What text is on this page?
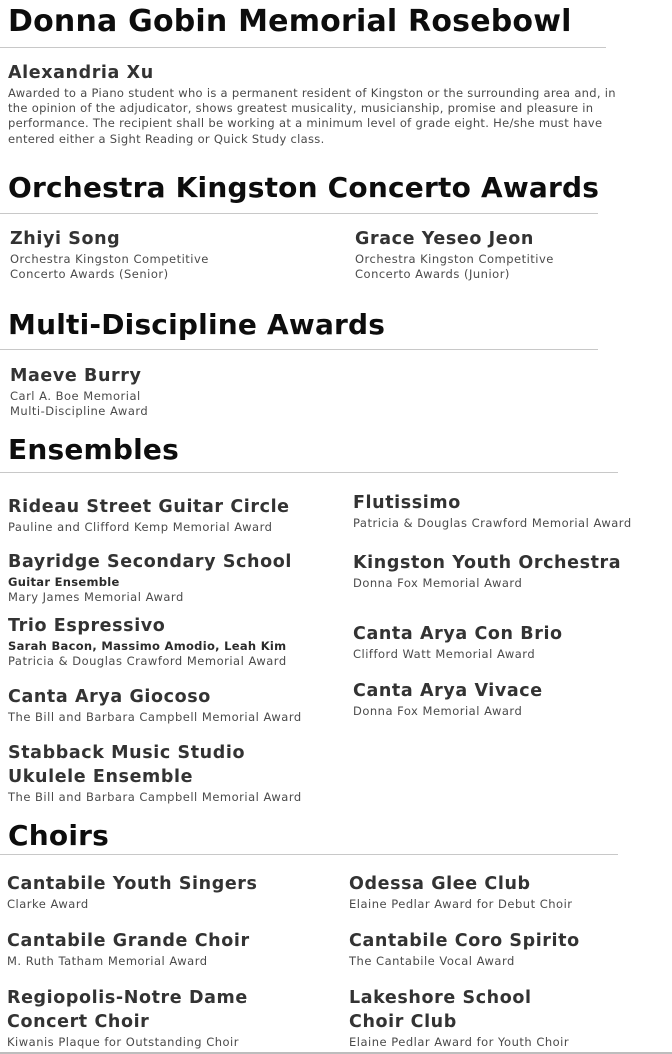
Donna Gobin Memorial Rosebowl
Alexandria Xu
Awarded to a Piano student who is a permanent resident of Kingston or the surrounding area and, in the opinion of the adjudicator, shows greatest musicality, musicianship, promise and pleasure in performance. The recipient shall be working at a minimum level of grade eight. He/she must have entered either a Sight Reading or Quick Study class.
Orchestra Kingston Concerto Awards
Zhiyi Song
Orchestra Kingston Competitive
Concerto Awards (Senior)
Grace Yeseo Jeon
Orchestra Kingston Competitive
Concerto Awards (Junior)
Multi-Discipline Awards
Maeve Burry
Carl A. Boe Memorial
Multi-Discipline Award
Ensembles
Rideau Street Guitar Circle
Pauline and Clifford Kemp Memorial Award
Bayridge Secondary School
Guitar Ensemble
Mary James Memorial Award
Trio Espressivo
Sarah Bacon, Massimo Amodio, Leah Kim
Patricia & Douglas Crawford Memorial Award
Canta Arya Giocoso
The Bill and Barbara Campbell Memorial Award
Stabback Music Studio
Ukulele Ensemble
The Bill and Barbara Campbell Memorial Award
Flutissimo
Patricia & Douglas Crawford Memorial Award
Kingston Youth Orchestra
Donna Fox Memorial Award
Canta Arya Con Brio
Clifford Watt Memorial Award
Canta Arya Vivace
Donna Fox Memorial Award
Choirs
Cantabile Youth Singers
Clarke Award
Cantabile Grande Choir
M. Ruth Tatham Memorial Award
Regiopolis-Notre Dame
Concert Choir
Kiwanis Plaque for Outstanding Choir
Odessa Glee Club
Elaine Pedlar Award for Debut Choir
Cantabile Coro Spirito
The Cantabile Vocal Award
Lakeshore School
Choir Club
Elaine Pedlar Award for Youth Choir
